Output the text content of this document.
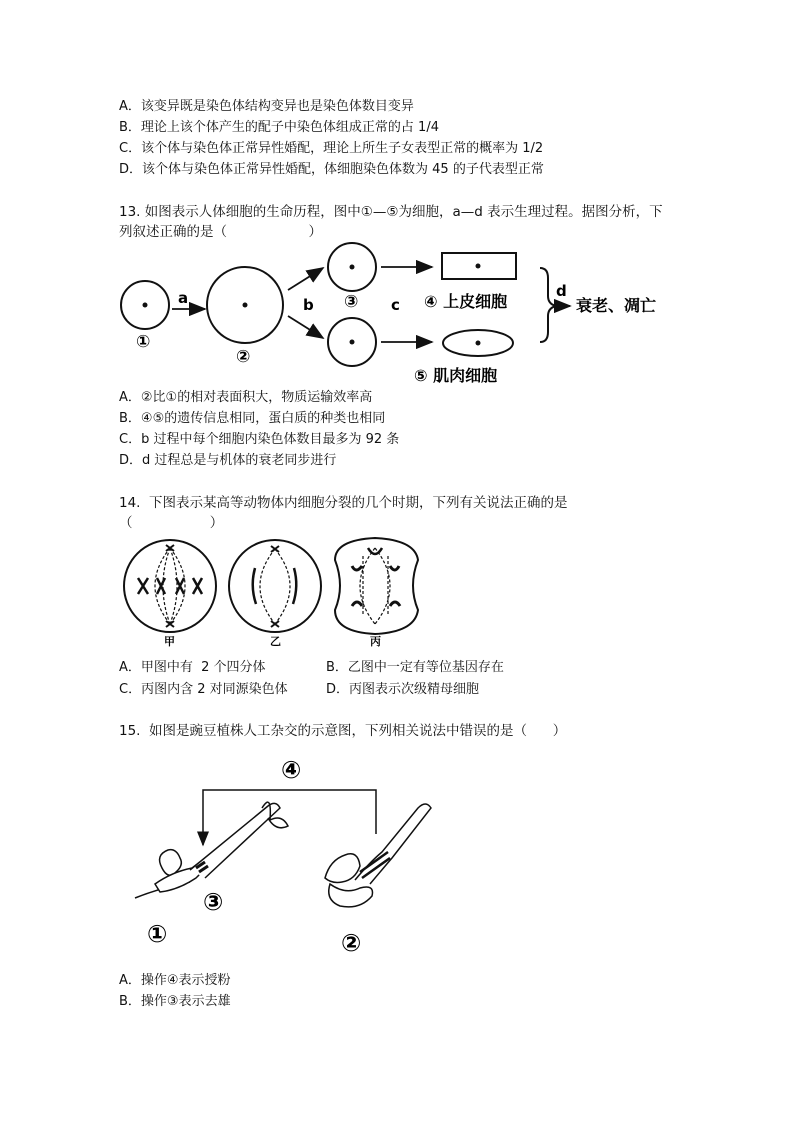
A．该变异既是染色体结构变异也是染色体数目变异
B．理论上该个体产生的配子中染色体组成正常的占 1/4
C．该个体与染色体正常异性婚配，理论上所生子女表型正常的概率为 1/2
D．该个体与染色体正常异性婚配，体细胞染色体数为 45 的子代表型正常
13. 如图表示人体细胞的生命历程，图中①—⑤为细胞，a—d 表示生理过程。据图分析，下
列叙述正确的是（                   ）
①
②
③	④ 上皮细胞
⑤ 肌肉细胞
a	b	c
d
衰老、凋亡
A．②比①的相对表面积大，物质运输效率高
B．④⑤的遗传信息相同，蛋白质的种类也相同
C．b 过程中每个细胞内染色体数目最多为 92 条
D．d 过程总是与机体的衰老同步进行
14.  下图表示某高等动物体内细胞分裂的几个时期，下列有关说法正确的是
（                  ）
甲	乙	丙
A．甲图中有  2 个四分体	B．乙图中一定有等位基因存在
C．丙图内含 2 对同源染色体	D．丙图表示次级精母细胞
15.  如图是豌豆植株人工杂交的示意图，下列相关说法中错误的是（      ）
④
③
①	②
A．操作④表示授粉
B．操作③表示去雄
